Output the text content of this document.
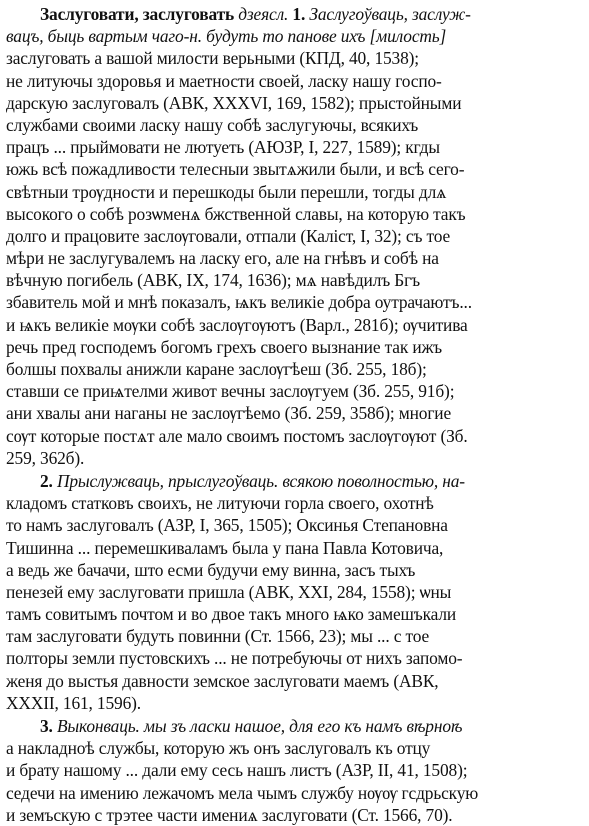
Заслуговати, заслуговать дзеясл. 1. Заслугоўваць, заслуж-
вацъ, быць вартым чаго-н. будуть то панове ихъ [милость]
заслуговать а вашой милости верьными (КПД, 40, 1538);
не литуючы здоровья и маетности своей, ласку нашу госпо-
дарскую заслуговалъ (АВК, XXXVI, 169, 1582); прыстойными
службами своими ласку нашу собѣ заслугуючы, всякихъ
працъ ... прыймовати не лютуеть (АЮЗР, I, 227, 1589); кгды
южь всѣ пожадливости телесныи звытѧжили были, и всѣ сего-
свѣтныи трѹдности и перешкоды были перешли, тогды длѧ
высокого о собѣ розѡменѧ бжственной славы, на которую такъ
долго и працовите заслѹговали, отпали (Калiст, I, 32); съ тое
мѣри не заслугувалемъ на ласку его, але на гнѣвъ и собѣ на
вѣчную погибель (АВК, IX, 174, 1636); мѧ навѣдилъ Бгъ
збавитель мой и мнѣ показалъ, ѩкъ великiе добра оутрачаютъ...
и ѩкъ великiе мѹки собѣ заслѹгѹютъ (Варл., 281б); ѹчитива
речь пред господемъ богомъ грехъ своего вызнание так ижъ
болшы похвалы анижли каране заслѹгѣеш (Зб. 255, 18б);
ставши се приѩтелми живот вечны заслѹгуем (Зб. 255, 91б);
ани хвалы ани наганы не заслѹгѣемо (Зб. 259, 358б); многие
сѹт которые постѧт але мало своимъ постомъ заслѹгѹют (Зб.
259, 362б).
2. Прыслужваць, прыслугоўваць. всякою поволностью, на-
кладомъ статковъ своихъ, не литуючи горла своего, охотнѣ
то намъ заслуговалъ (АЗР, I, 365, 1505); Оксинья Степановна
Тишинна ... перемешкиваламъ была у пана Павла Котовича,
а ведь же бачачи, што есми будучи ему винна, засъ тыхъ
пенезей ему заслуговати пришла (АВК, XXI, 284, 1558); ѡны
тамъ совитымъ почтом и во двое такъ много ѩко замешъкали
там заслуговати будуть повинни (Ст. 1566, 23); мы ... с тое
полторы земли пустовскихъ ... не потребуючы от ниxъ запомо-
женя до выстья давности земское заслуговати маемъ (АВК,
XXXII, 161, 1596).
3. Выконваць. мы зъ ласки нашое, для его къ намъ вѣрноѣ
а накладноѣ службы, которую жъ онъ заслуговалъ къ отцу
и брату нашому ... дали ему сесь нашъ листъ (АЗР, II, 41, 1508);
седечи на имению лежачомъ мела чымъ службу нѹѹ гсдрьскую
и земъскую с трэтее части имениѧ заслуговати (Ст. 1566, 70).
